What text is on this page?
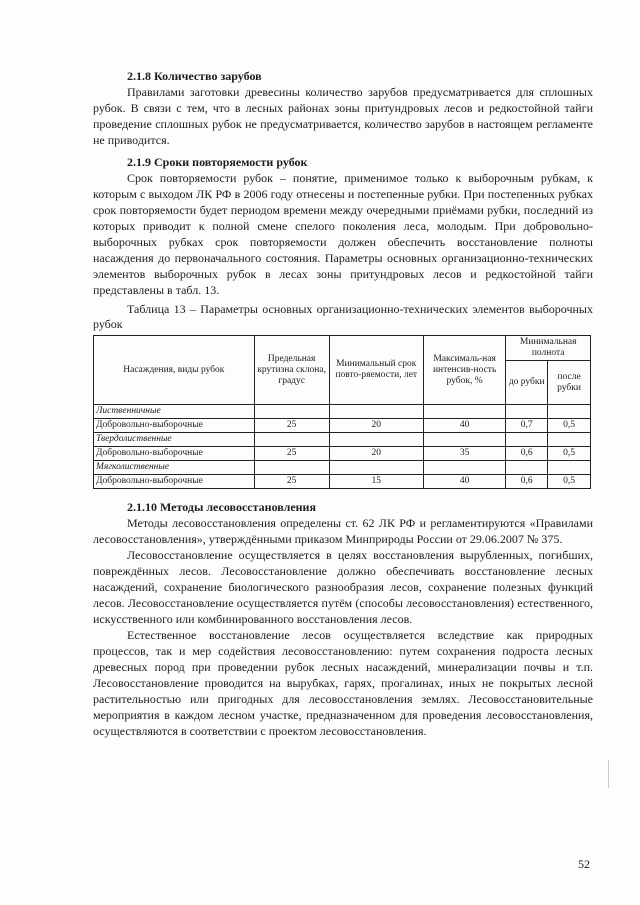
2.1.8 Количество зарубов

Правилами заготовки древесины количество зарубов предусматривается для сплошных рубок. В связи с тем, что в лесных районах зоны притундровых лесов и редкостойной тайги проведение сплошных рубок не предусматривается, количество зарубов в настоящем регламенте не приводится.

2.1.9 Сроки повторяемости рубок

Срок повторяемости рубок – понятие, применимое только к выборочным рубкам, к которым с выходом ЛК РФ в 2006 году отнесены и постепенные рубки. При постепенных рубках срок повторяемости будет периодом времени между очередными приёмами рубки, последний из которых приводит к полной смене спелого поколения леса, молодым. При добровольно-выборочных рубках срок повторяемости должен обеспечить восстановление полноты насаждения до первоначального состояния. Параметры основных организационно-технических элементов выборочных рубок в лесах зоны притундровых лесов и редкостойной тайги представлены в табл. 13.

Таблица 13 – Параметры основных организационно-технических элементов выборочных рубок

Насаждения, виды рубок	Предельная крутизна склона, градус	Минимальный срок повто-ряемости, лет	Максималь-ная интенсив-ность рубок, %	Минимальная полнота	
				до рубки	после рубки
Лиственничные					
Добровольно-выборочные	25	20	40	0,7	0,5
Твердолиственные					
Добровольно-выборочные	25	20	35	0,6	0,5
Мягколиственные					
Добровольно-выборочные	25	15	40	0,6	0,5

2.1.10 Методы лесовосстановления

Методы лесовосстановления определены ст. 62 ЛК РФ и регламентируются «Правилами лесовосстановления», утверждёнными приказом Минприроды России от 29.06.2007 № 375.

Лесовосстановление осуществляется в целях восстановления вырубленных, погибших, повреждённых лесов. Лесовосстановление должно обеспечивать восстановление лесных насаждений, сохранение биологического разнообразия лесов, сохранение полезных функций лесов. Лесовосстановление осуществляется путём (способы лесовосстановления) естественного, искусственного или комбинированного восстановления лесов.

Естественное восстановление лесов осуществляется вследствие как природных процессов, так и мер содействия лесовосстановлению: путем сохранения подроста лесных древесных пород при проведении рубок лесных насаждений, минерализации почвы и т.п. Лесовосстановление проводится на вырубках, гарях, прогалинах, иных не покрытых лесной растительностью или пригодных для лесовосстановления землях. Лесовосстановительные мероприятия в каждом лесном участке, предназначенном для проведения лесовосстановления, осуществляются в соответствии с проектом лесовосстановления.

52
